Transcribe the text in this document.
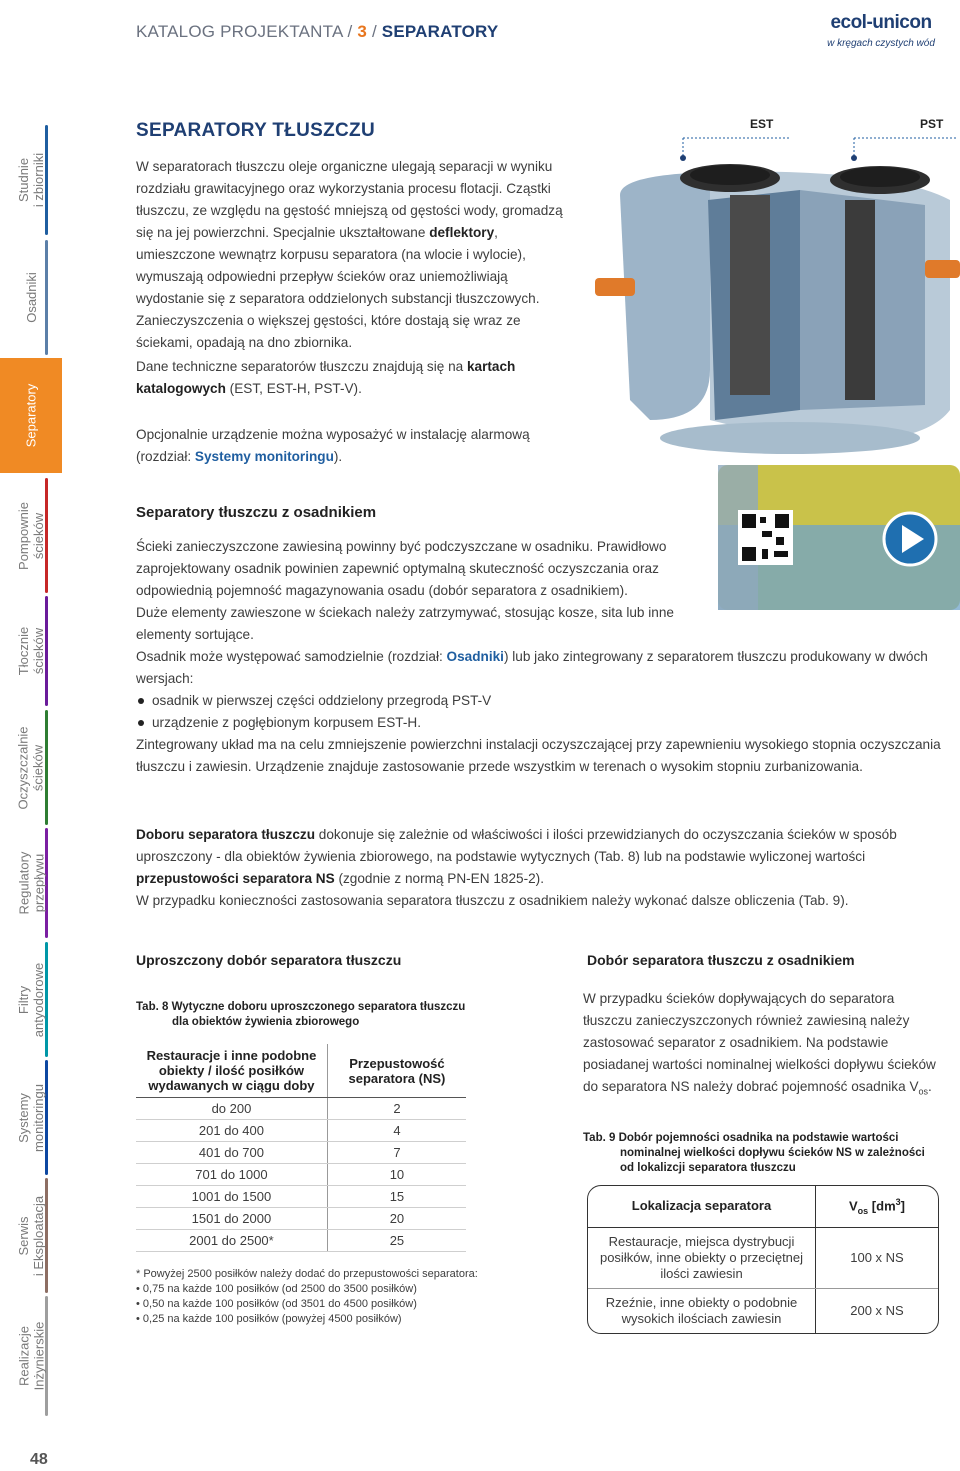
KATALOG PROJEKTANTA / 3 / SEPARATORY	ecol-unicon
w kręgach czystych wód
Studnie i zbiorniki
Osadniki
Separatory
Pompownie ścieków
Tłocznie ścieków
Oczyszczalnie ścieków
Regulatory przepływu
Filtry antyodorowe
Systemy monitoringu
Serwis i Eksploatacja
Realizacje Inżynierskie
48
SEPARATORY TŁUSZCZU
W separatorach tłuszczu oleje organiczne ulegają separacji w wyniku rozdziału grawitacyjnego oraz wykorzystania procesu flotacji. Cząstki tłuszczu, ze względu na gęstość mniejszą od gęstości wody, gromadzą się na jej powierzchni. Specjalnie ukształtowane deflektory, umieszczone wewnątrz korpusu separatora (na wlocie i wylocie), wymuszają odpowiedni przepływ ścieków oraz uniemożliwiają wydostanie się z separatora oddzielonych substancji tłuszczowych. Zanieczyszczenia o większej gęstości, które dostają się wraz ze ściekami, opadają na dno zbiornika.
Dane techniczne separatorów tłuszczu znajdują się na kartach katalogowych (EST, EST-H, PST-V).
Opcjonalnie urządzenie można wyposażyć w instalację alarmową (rozdział: Systemy monitoringu).
EST	PST
Separatory tłuszczu z osadnikiem
Ścieki zanieczyszczone zawiesiną powinny być podczyszczane w osadniku. Prawidłowo zaprojektowany osadnik powinien zapewnić optymalną skuteczność oczyszczania oraz odpowiednią pojemność magazynowania osadu (dobór separatora z osadnikiem).
Duże elementy zawieszone w ściekach należy zatrzymywać, stosując kosze, sita lub inne elementy sortujące.
Osadnik może występować samodzielnie (rozdział: Osadniki) lub jako zintegrowany z separatorem tłuszczu produkowany w dwóch wersjach:
osadnik w pierwszej części oddzielony przegrodą PST-V
urządzenie z pogłębionym korpusem EST-H.
Zintegrowany układ ma na celu zmniejszenie powierzchni instalacji oczyszczającej przy zapewnieniu wysokiego stopnia oczyszczania tłuszczu i zawiesin. Urządzenie znajduje zastosowanie przede wszystkim w terenach o wysokim stopniu zurbanizowania.
Doboru separatora tłuszczu dokonuje się zależnie od właściwości i ilości przewidzianych do oczyszczania ścieków w sposób uproszczony - dla obiektów żywienia zbiorowego, na podstawie wytycznych (Tab. 8) lub na podstawie wyliczonej wartości przepustowości separatora NS (zgodnie z normą PN-EN 1825-2).
W przypadku konieczności zastosowania separatora tłuszczu z osadnikiem należy wykonać dalsze obliczenia (Tab. 9).
Uproszczony dobór separatora tłuszczu
Tab. 8 Wytyczne doboru uproszczonego separatora tłuszczu
dla obiektów żywienia zbiorowego
Restauracje i inne podobne obiekty / ilość posiłków wydawanych w ciągu doby	Przepustowość separatora (NS)
do 200	2
201 do 400	4
401 do 700	7
701 do 1000	10
1001 do 1500	15
1501 do 2000	20
2001 do 2500*	25
* Powyżej 2500 posiłków należy dodać do przepustowości separatora:
• 0,75 na każde 100 posiłków (od 2500 do 3500 posiłków)
• 0,50 na każde 100 posiłków (od 3501 do 4500 posiłków)
• 0,25 na każde 100 posiłków (powyżej 4500 posiłków)
Dobór separatora tłuszczu z osadnikiem
W przypadku ścieków dopływających do separatora tłuszczu zanieczyszczonych również zawiesiną należy zastosować separator z osadnikiem. Na podstawie posiadanej wartości nominalnej wielkości dopływu ścieków do separatora NS należy dobrać pojemność osadnika $V_{os}$.
Tab. 9 Dobór pojemności osadnika na podstawie wartości
nominalnej wielkości dopływu ścieków NS w zależności
od lokalizcji separatora tłuszczu
Lokalizacja separatora	$V_{os}$ $[dm^3]$
Restauracje, miejsca dystrybucji posiłków, inne obiekty o przeciętnej ilości zawiesin	100 x NS
Rzeźnie, inne obiekty o podobnie wysokich ilościach zawiesin	200 x NS
